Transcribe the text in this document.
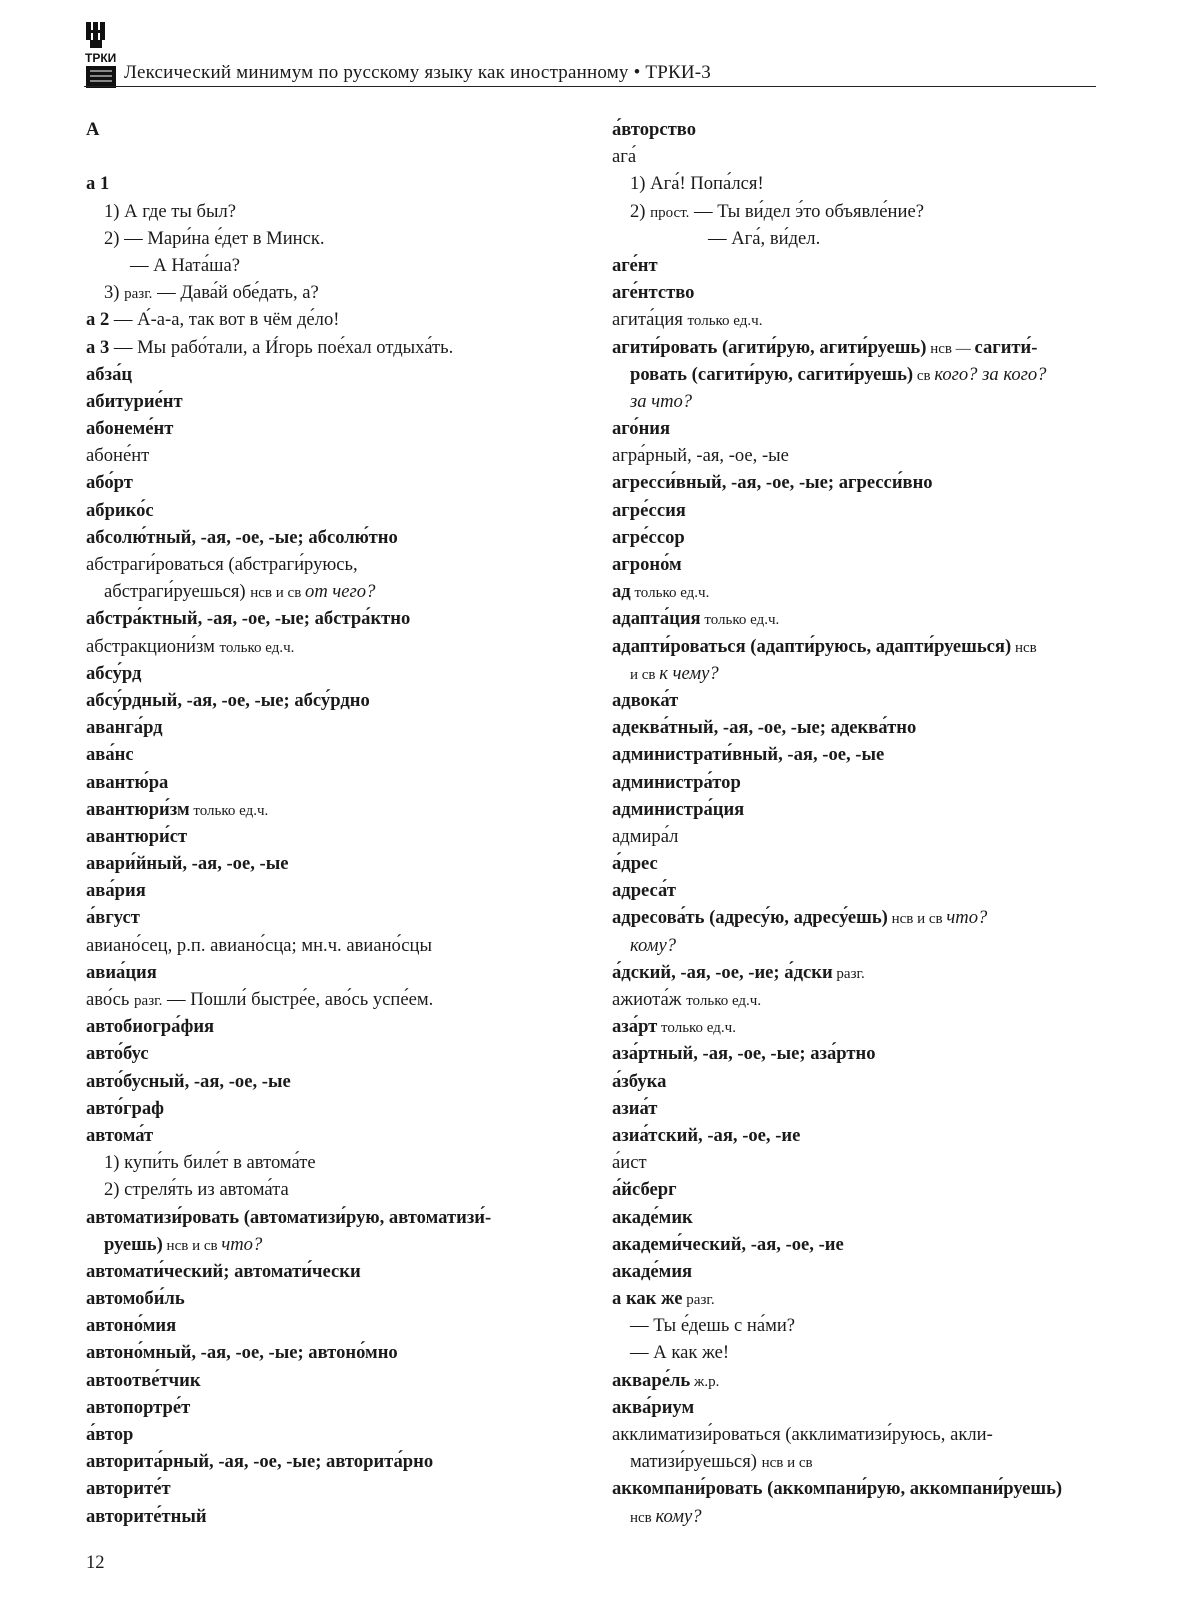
ТРКИ
Лексический минимум по русскому языку как иностранному • ТРКИ-3
А
а 1
1) А где ты был?
2) — Мари́на е́дет в Минск.
— А Ната́ша?
3) разг. — Дава́й обе́дать, а?
а 2 — А́-а-а, так вот в чём де́ло!
а 3 — Мы рабо́тали, а И́горь пое́хал отдыха́ть.
абза́ц
абитурие́нт
абонеме́нт
абоне́нт
або́рт
абрико́с
абсолю́тный, -ая, -ое, -ые; абсолю́тно
абстраги́роваться (абстраги́руюсь,
абстраги́руешься) нсв и св от чего?
абстра́ктный, -ая, -ое, -ые; абстра́ктно
абстракциони́зм только ед.ч.
абсу́рд
абсу́рдный, -ая, -ое, -ые; абсу́рдно
аванга́рд
ава́нс
авантю́ра
авантюри́зм только ед.ч.
авантюри́ст
авари́йный, -ая, -ое, -ые
ава́рия
а́вгуст
авиано́сец, р.п. авиано́сца; мн.ч. авиано́сцы
авиа́ция
аво́сь разг. — Пошли́ быстре́е, аво́сь успе́ем.
автобиогра́фия
авто́бус
авто́бусный, -ая, -ое, -ые
авто́граф
автома́т
1) купи́ть биле́т в автома́те
2) стреля́ть из автома́та
автоматизи́ровать (автоматизи́рую, автоматизи́-
руешь) нсв и св что?
автомати́ческий; автомати́чески
автомоби́ль
автоно́мия
автоно́мный, -ая, -ое, -ые; автоно́мно
автоотве́тчик
автопортре́т
а́втор
авторита́рный, -ая, -ое, -ые; авторита́рно
авторите́т
авторите́тный
а́вторство
ага́
1) Ага́! Попа́лся!
2) прост. — Ты ви́дел э́то объявле́ние?
— Ага́, ви́дел.
аге́нт
аге́нтство
агита́ция только ед.ч.
агити́ровать (агити́рую, агити́руешь) нсв — сагити́-
ровать (сагити́рую, сагити́руешь) св кого? за кого?
за что?
аго́ния
агра́рный, -ая, -ое, -ые
агресси́вный, -ая, -ое, -ые; агресси́вно
агре́ссия
агре́ссор
агроно́м
ад только ед.ч.
адапта́ция только ед.ч.
адапти́роваться (адапти́руюсь, адапти́руешься) нсв
и св к чему?
адвока́т
адеква́тный, -ая, -ое, -ые; адеква́тно
администрати́вный, -ая, -ое, -ые
администра́тор
администра́ция
адмира́л
а́дрес
адреса́т
адресова́ть (адресу́ю, адресу́ешь) нсв и св что?
кому?
а́дский, -ая, -ое, -ие; а́дски разг.
ажиота́ж только ед.ч.
аза́рт только ед.ч.
аза́ртный, -ая, -ое, -ые; аза́ртно
а́збука
азиа́т
азиа́тский, -ая, -ое, -ие
а́ист
а́йсберг
акаде́мик
академи́ческий, -ая, -ое, -ие
акаде́мия
а как же разг.
— Ты е́дешь с на́ми?
— А как же!
акваре́ль ж.р.
аква́риум
акклиматизи́роваться (акклиматизи́руюсь, акли-
матизи́руешься) нсв и св
аккомпани́ровать (аккомпани́рую, аккомпани́руешь)
нсв кому?
12
